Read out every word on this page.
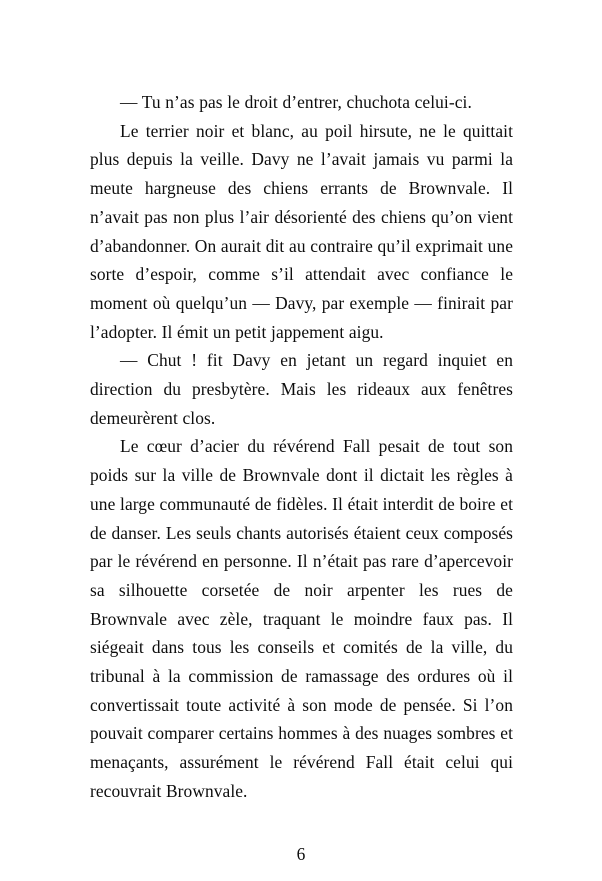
— Tu n’as pas le droit d’entrer, chuchota celui-ci.

Le terrier noir et blanc, au poil hirsute, ne le quittait plus depuis la veille. Davy ne l’avait jamais vu parmi la meute hargneuse des chiens errants de Brownvale. Il n’avait pas non plus l’air désorienté des chiens qu’on vient d’abandonner. On aurait dit au contraire qu’il exprimait une sorte d’espoir, comme s’il attendait avec confiance le moment où quelqu’un — Davy, par exemple — finirait par l’adopter. Il émit un petit jappement aigu.

— Chut ! fit Davy en jetant un regard inquiet en direction du presbytère. Mais les rideaux aux fenêtres demeurèrent clos.

Le cœur d’acier du révérend Fall pesait de tout son poids sur la ville de Brownvale dont il dictait les règles à une large communauté de fidèles. Il était interdit de boire et de danser. Les seuls chants autorisés étaient ceux composés par le révérend en personne. Il n’était pas rare d’apercevoir sa silhouette corsetée de noir arpenter les rues de Brownvale avec zèle, traquant le moindre faux pas. Il siégeait dans tous les conseils et comités de la ville, du tribunal à la commission de ramassage des ordures où il convertissait toute activité à son mode de pensée. Si l’on pouvait comparer certains hommes à des nuages sombres et menaçants, assurément le révérend Fall était celui qui recouvrait Brownvale.

6
